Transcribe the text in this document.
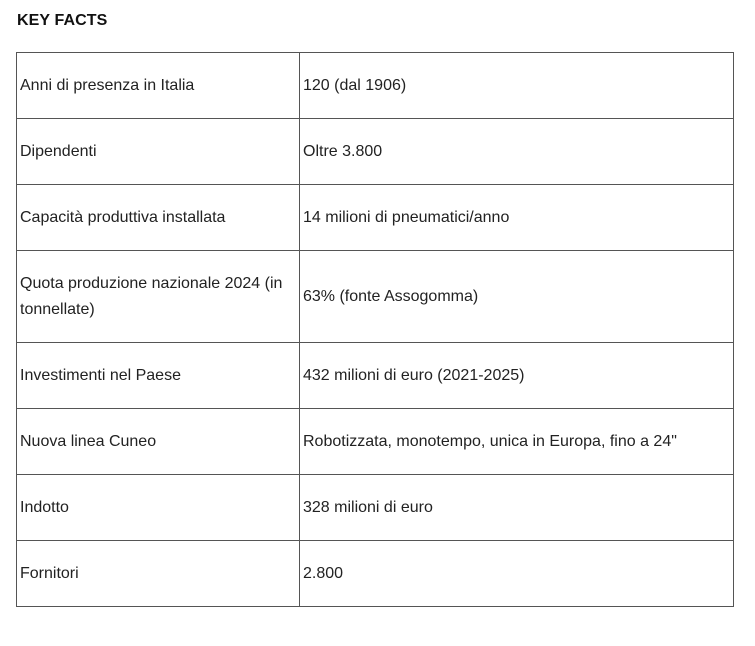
KEY FACTS
Anni di presenza in Italia	120 (dal 1906)
Dipendenti	Oltre 3.800
Capacità produttiva installata	14 milioni di pneumatici/anno
Quota produzione nazionale 2024 (in tonnellate)	63% (fonte Assogomma)
Investimenti nel Paese	432 milioni di euro (2021-2025)
Nuova linea Cuneo	Robotizzata, monotempo, unica in Europa, fino a 24"
Indotto	328 milioni di euro
Fornitori	2.800
